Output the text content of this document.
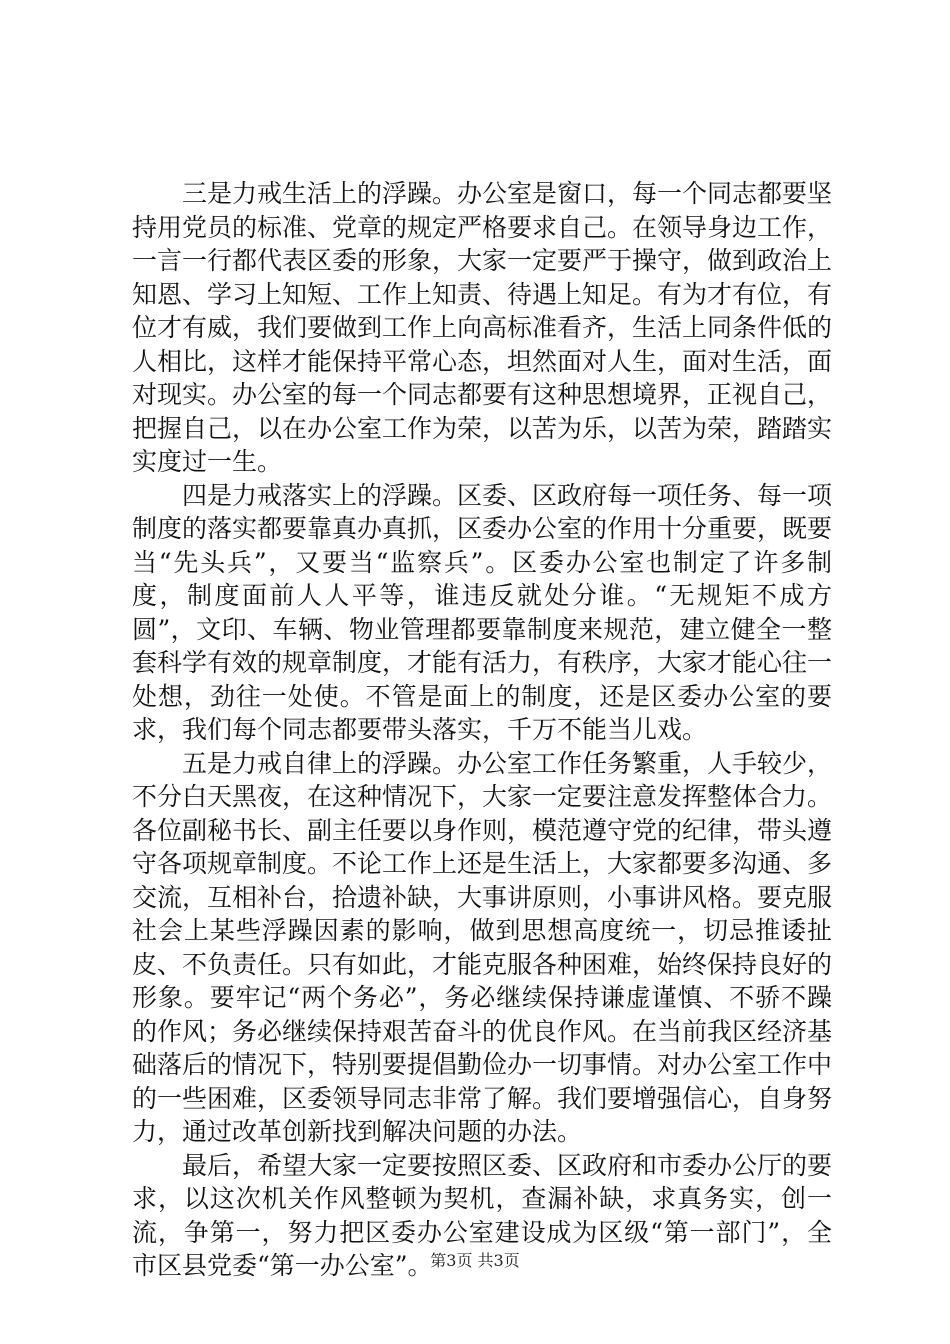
三是力戒生活上的浮躁。办公室是窗口，每一个同志都要坚持用党员的标准、党章的规定严格要求自己。在领导身边工作，一言一行都代表区委的形象，大家一定要严于操守，做到政治上知恩、学习上知短、工作上知责、待遇上知足。有为才有位，有位才有威，我们要做到工作上向高标准看齐，生活上同条件低的人相比，这样才能保持平常心态，坦然面对人生，面对生活，面对现实。办公室的每一个同志都要有这种思想境界，正视自己，把握自己，以在办公室工作为荣，以苦为乐，以苦为荣，踏踏实实度过一生。

四是力戒落实上的浮躁。区委、区政府每一项任务、每一项制度的落实都要靠真办真抓，区委办公室的作用十分重要，既要当“先头兵”，又要当“监察兵”。区委办公室也制定了许多制度，制度面前人人平等，谁违反就处分谁。“无规矩不成方圆”，文印、车辆、物业管理都要靠制度来规范，建立健全一整套科学有效的规章制度，才能有活力，有秩序，大家才能心往一处想，劲往一处使。不管是面上的制度，还是区委办公室的要求，我们每个同志都要带头落实，千万不能当儿戏。

五是力戒自律上的浮躁。办公室工作任务繁重，人手较少，不分白天黑夜，在这种情况下，大家一定要注意发挥整体合力。各位副秘书长、副主任要以身作则，模范遵守党的纪律，带头遵守各项规章制度。不论工作上还是生活上，大家都要多沟通、多交流，互相补台，拾遗补缺，大事讲原则，小事讲风格。要克服社会上某些浮躁因素的影响，做到思想高度统一，切忌推诿扯皮、不负责任。只有如此，才能克服各种困难，始终保持良好的形象。要牢记“两个务必”，务必继续保持谦虚谨慎、不骄不躁的作风；务必继续保持艰苦奋斗的优良作风。在当前我区经济基础落后的情况下，特别要提倡勤俭办一切事情。对办公室工作中的一些困难，区委领导同志非常了解。我们要增强信心，自身努力，通过改革创新找到解决问题的办法。

最后，希望大家一定要按照区委、区政府和市委办公厅的要求，以这次机关作风整顿为契机，查漏补缺，求真务实，创一流，争第一，努力把区委办公室建设成为区级“第一部门”，全市区县党委“第一办公室”。

第3页 共3页
